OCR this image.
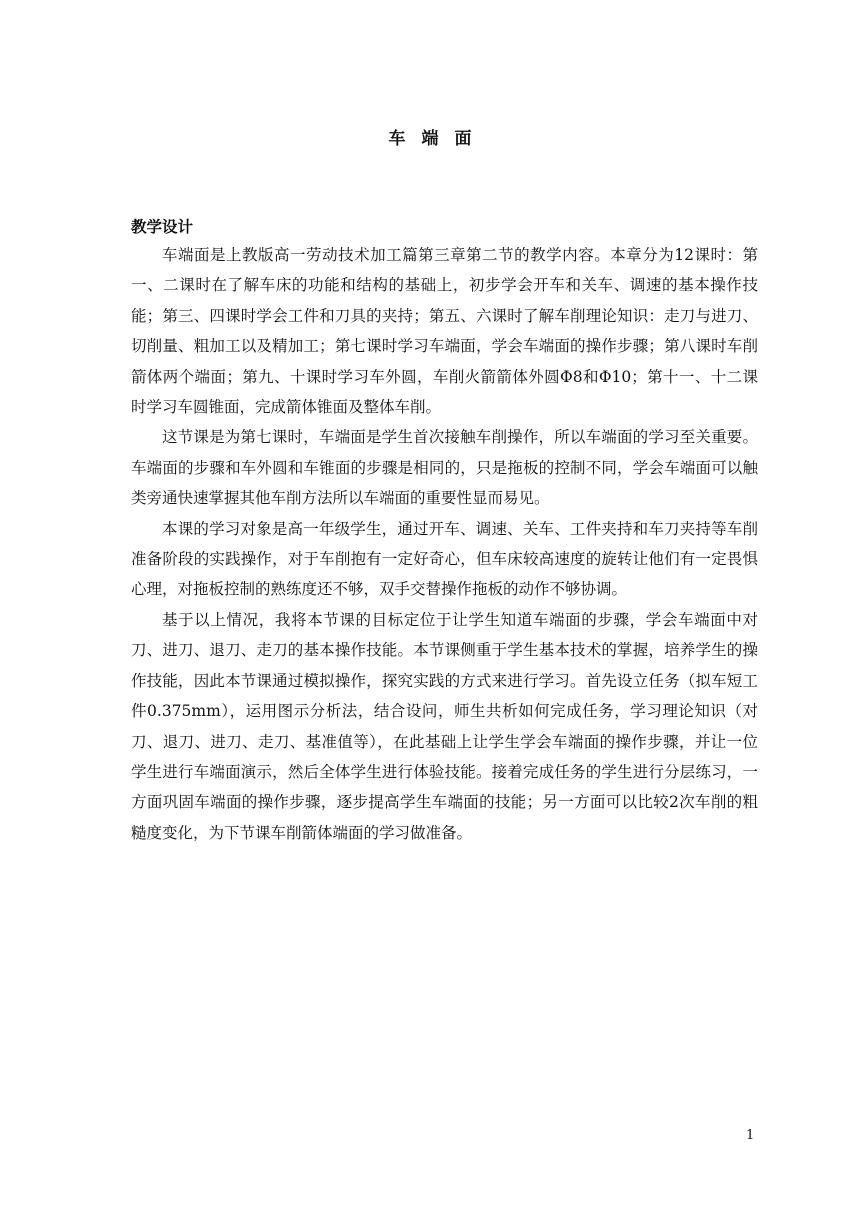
车端面
教学设计

车端面是上教版高一劳动技术加工篇第三章第二节的教学内容。本章分为12课时：第一、二课时在了解车床的功能和结构的基础上，初步学会开车和关车、调速的基本操作技能；第三、四课时学会工件和刀具的夹持；第五、六课时了解车削理论知识：走刀与进刀、切削量、粗加工以及精加工；第七课时学习车端面，学会车端面的操作步骤；第八课时车削箭体两个端面；第九、十课时学习车外圆，车削火箭箭体外圆Φ8和Φ10；第十一、十二课时学习车圆锥面，完成箭体锥面及整体车削。

这节课是为第七课时，车端面是学生首次接触车削操作，所以车端面的学习至关重要。车端面的步骤和车外圆和车锥面的步骤是相同的，只是拖板的控制不同，学会车端面可以触类旁通快速掌握其他车削方法所以车端面的重要性显而易见。

本课的学习对象是高一年级学生，通过开车、调速、关车、工件夹持和车刀夹持等车削准备阶段的实践操作，对于车削抱有一定好奇心，但车床较高速度的旋转让他们有一定畏惧心理，对拖板控制的熟练度还不够，双手交替操作拖板的动作不够协调。

基于以上情况，我将本节课的目标定位于让学生知道车端面的步骤，学会车端面中对刀、进刀、退刀、走刀的基本操作技能。本节课侧重于学生基本技术的掌握，培养学生的操作技能，因此本节课通过模拟操作，探究实践的方式来进行学习。首先设立任务（拟车短工件0.375mm），运用图示分析法，结合设问，师生共析如何完成任务，学习理论知识（对刀、退刀、进刀、走刀、基准值等），在此基础上让学生学会车端面的操作步骤，并让一位学生进行车端面演示，然后全体学生进行体验技能。接着完成任务的学生进行分层练习，一方面巩固车端面的操作步骤，逐步提高学生车端面的技能；另一方面可以比较2次车削的粗糙度变化，为下节课车削箭体端面的学习做准备。

1
